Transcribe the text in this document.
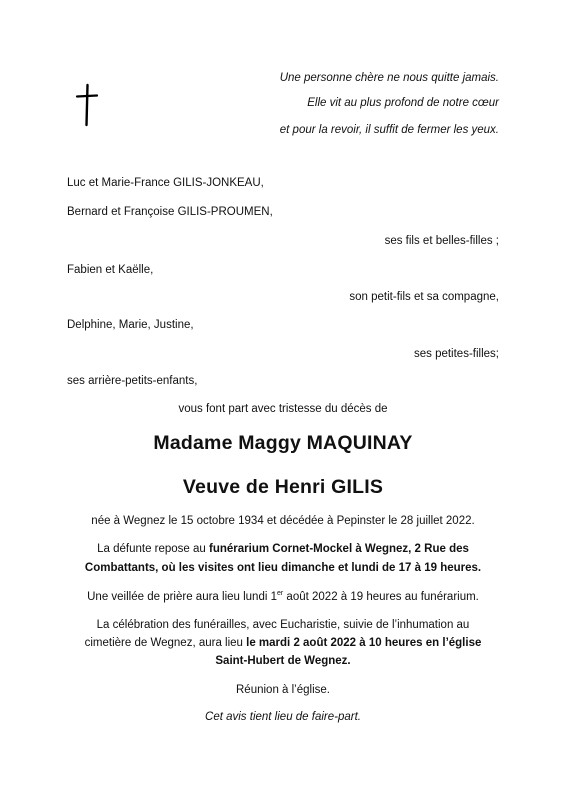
Une personne chère ne nous quitte jamais.
Elle vit au plus profond de notre cœur
et pour la revoir, il suffit de fermer les yeux.
Luc et Marie-France GILIS-JONKEAU,
Bernard et Françoise GILIS-PROUMEN,
ses fils et belles-filles ;
Fabien et Kaëlle,
son petit-fils et sa compagne,
Delphine, Marie, Justine,
ses petites-filles;
ses arrière-petits-enfants,
vous font part avec tristesse du décès de
Madame Maggy MAQUINAY
Veuve de Henri GILIS
née à Wegnez le 15 octobre 1934 et décédée à Pepinster le 28 juillet 2022.
La défunte repose au funérarium Cornet-Mockel à Wegnez, 2 Rue des
Combattants, où les visites ont lieu dimanche et lundi de 17 à 19 heures.
Une veillée de prière aura lieu lundi 1er août 2022 à 19 heures au funérarium.
La célébration des funérailles, avec Eucharistie, suivie de l’inhumation au
cimetière de Wegnez, aura lieu le mardi 2 août 2022 à 10 heures en l’église
Saint-Hubert de Wegnez.
Réunion à l’église.
Cet avis tient lieu de faire-part.
